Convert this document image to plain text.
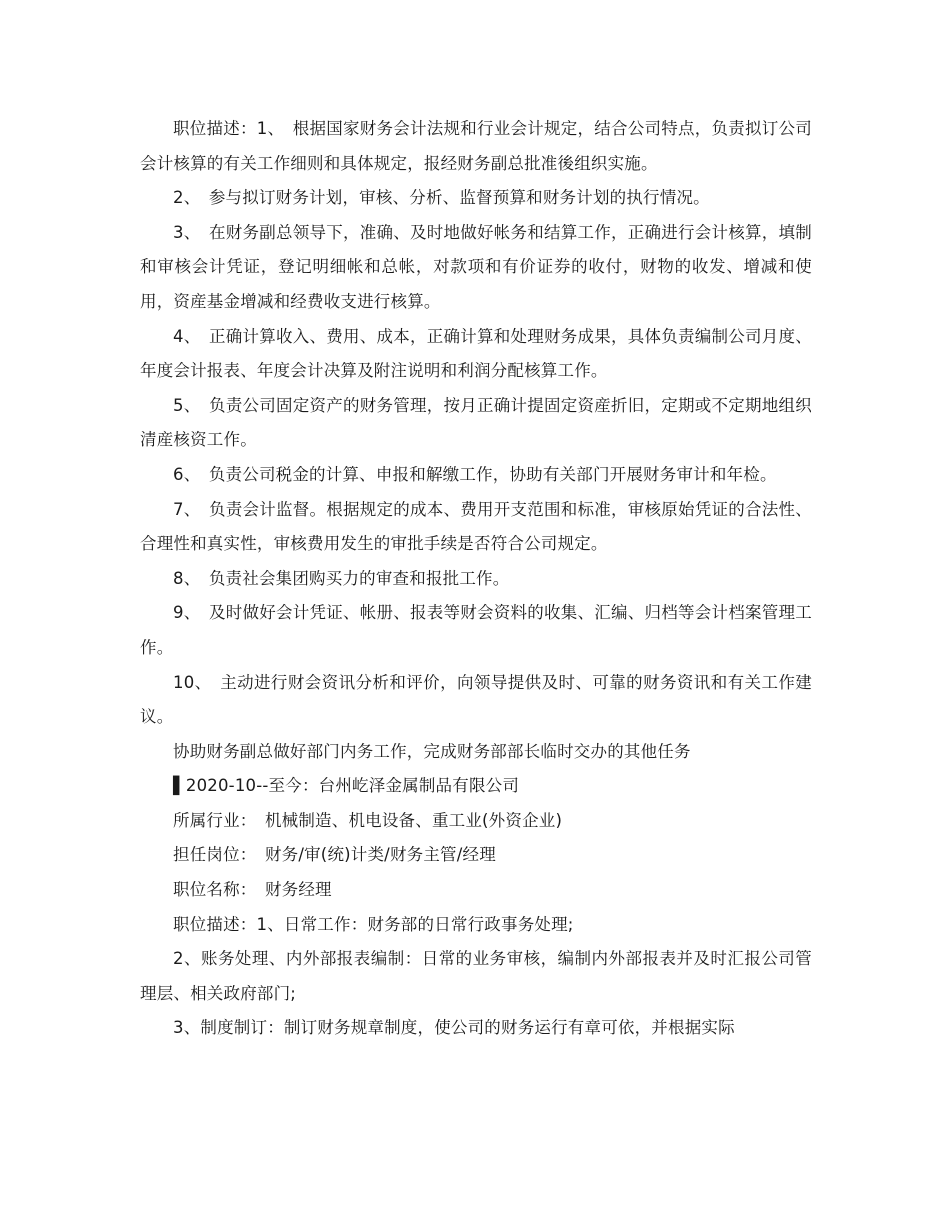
职位描述：1、　根据国家财务会计法规和行业会计规定，结合公司特点，负责拟订公司会计核算的有关工作细则和具体规定，报经财务副总批准後组织实施。

2、　参与拟订财务计划，审核、分析、监督预算和财务计划的执行情况。

3、　在财务副总领导下，准确、及时地做好帐务和结算工作，正确进行会计核算，填制和审核会计凭证，登记明细帐和总帐，对款项和有价证券的收付，财物的收发、增减和使用，资産基金增减和经费收支进行核算。

4、　正确计算收入、费用、成本，正确计算和处理财务成果，具体负责编制公司月度、年度会计报表、年度会计决算及附注说明和利润分配核算工作。

5、　负责公司固定资产的财务管理，按月正确计提固定资産折旧，定期或不定期地组织清産核资工作。

6、　负责公司税金的计算、申报和解缴工作，协助有关部门开展财务审计和年检。

7、　负责会计监督。根据规定的成本、费用开支范围和标准，审核原始凭证的合法性、合理性和真实性，审核费用发生的审批手续是否符合公司规定。

8、　负责社会集团购买力的审查和报批工作。

9、　及时做好会计凭证、帐册、报表等财会资料的收集、汇编、归档等会计档案管理工作。

10、　主动进行财会资讯分析和评价，向领导提供及时、可靠的财务资讯和有关工作建议。

协助财务副总做好部门内务工作，完成财务部部长临时交办的其他任务

▌2020-10--至今：台州屹泽金属制品有限公司

所属行业：　机械制造、机电设备、重工业(外资企业)

担任岗位：　财务/审(统)计类/财务主管/经理

职位名称：　财务经理

职位描述：1、日常工作：财务部的日常行政事务处理;

2、账务处理、内外部报表编制：日常的业务审核，编制内外部报表并及时汇报公司管理层、相关政府部门;

3、制度制订：制订财务规章制度，使公司的财务运行有章可依，并根据实际
